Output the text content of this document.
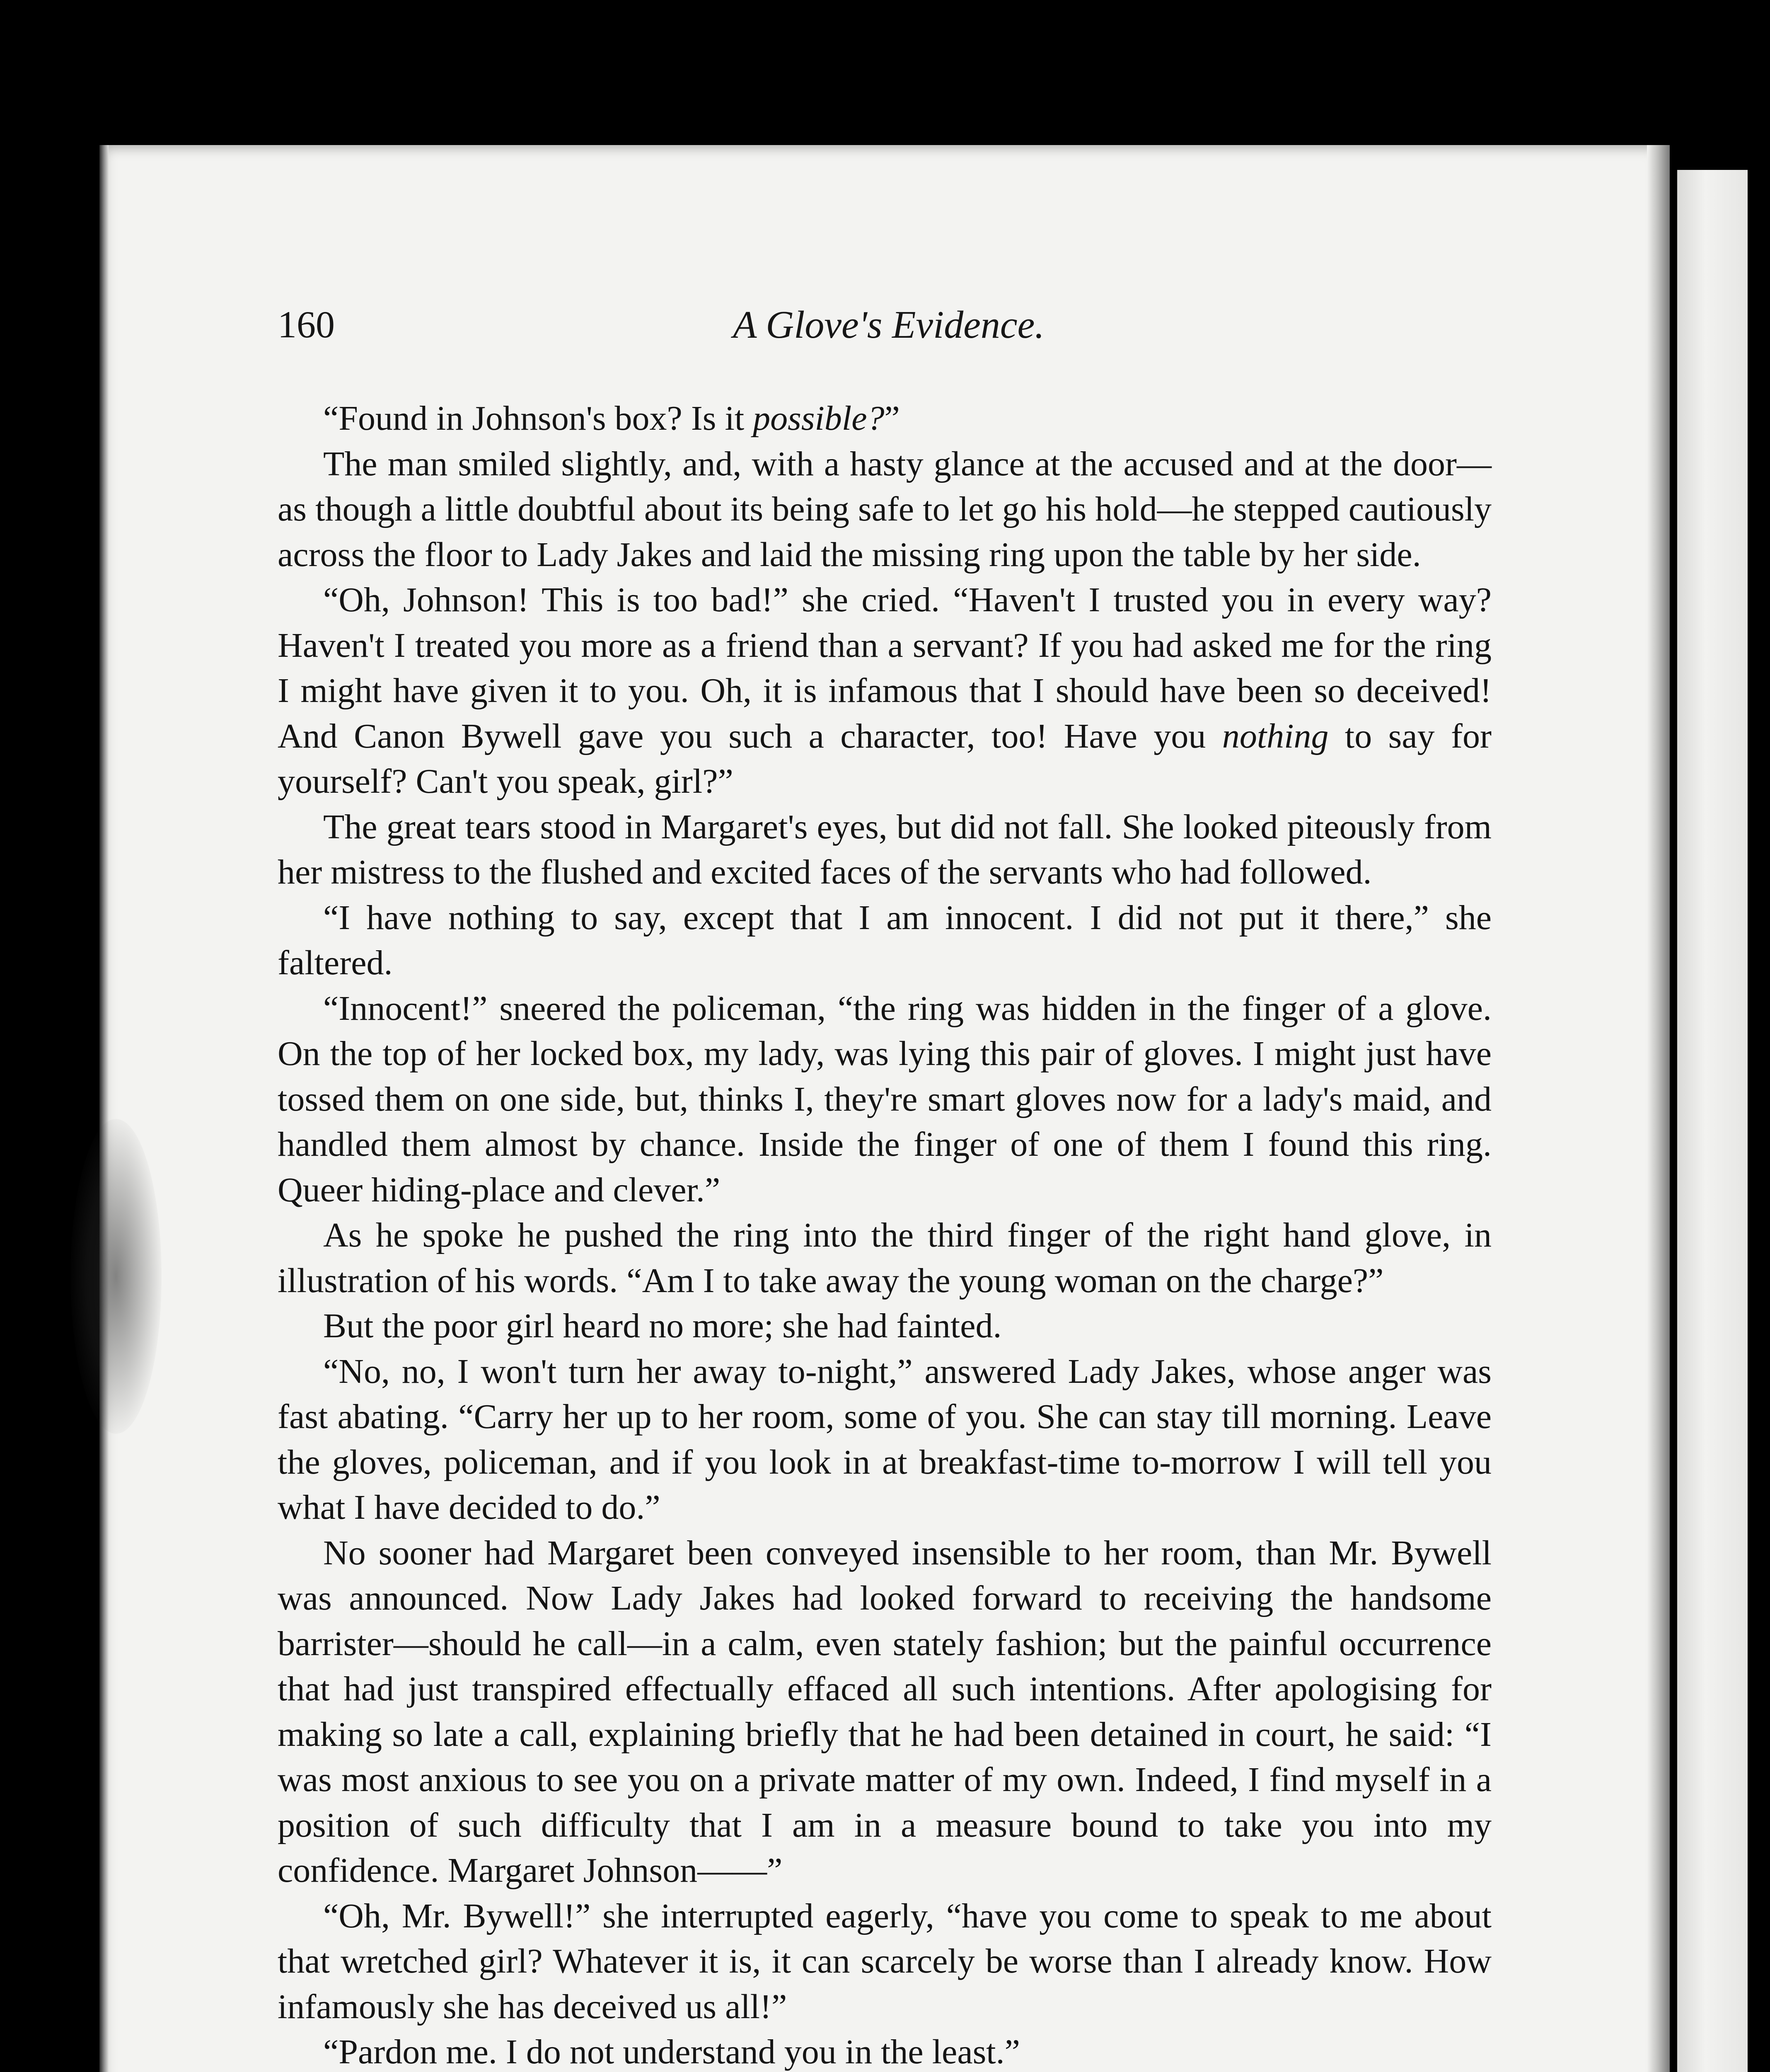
160	A Glove's Evidence.

“Found in Johnson's box? Is it possible?”

The man smiled slightly, and, with a hasty glance at the accused and at the door—as though a little doubtful about its being safe to let go his hold—he stepped cautiously across the floor to Lady Jakes and laid the missing ring upon the table by her side.

“Oh, Johnson! This is too bad!” she cried. “Haven't I trusted you in every way? Haven't I treated you more as a friend than a servant? If you had asked me for the ring I might have given it to you. Oh, it is infamous that I should have been so deceived! And Canon Bywell gave you such a character, too! Have you nothing to say for yourself? Can't you speak, girl?”

The great tears stood in Margaret's eyes, but did not fall. She looked piteously from her mistress to the flushed and excited faces of the servants who had followed.

“I have nothing to say, except that I am innocent. I did not put it there,” she faltered.

“Innocent!” sneered the policeman, “the ring was hidden in the finger of a glove. On the top of her locked box, my lady, was lying this pair of gloves. I might just have tossed them on one side, but, thinks I, they're smart gloves now for a lady's maid, and handled them almost by chance. Inside the finger of one of them I found this ring. Queer hiding-place and clever.”

As he spoke he pushed the ring into the third finger of the right hand glove, in illustration of his words. “Am I to take away the young woman on the charge?”

But the poor girl heard no more; she had fainted.

“No, no, I won't turn her away to-night,” answered Lady Jakes, whose anger was fast abating. “Carry her up to her room, some of you. She can stay till morning. Leave the gloves, policeman, and if you look in at breakfast-time to-morrow I will tell you what I have decided to do.”

No sooner had Margaret been conveyed insensible to her room, than Mr. Bywell was announced. Now Lady Jakes had looked forward to receiving the handsome barrister—should he call—in a calm, even stately fashion; but the painful occurrence that had just transpired effectually effaced all such intentions. After apologising for making so late a call, explaining briefly that he had been detained in court, he said: “I was most anxious to see you on a private matter of my own. Indeed, I find myself in a position of such difficulty that I am in a measure bound to take you into my confidence. Margaret Johnson——”

“Oh, Mr. Bywell!” she interrupted eagerly, “have you come to speak to me about that wretched girl? Whatever it is, it can scarcely be worse than I already know. How infamously she has deceived us all!”

“Pardon me. I do not understand you in the least.”
